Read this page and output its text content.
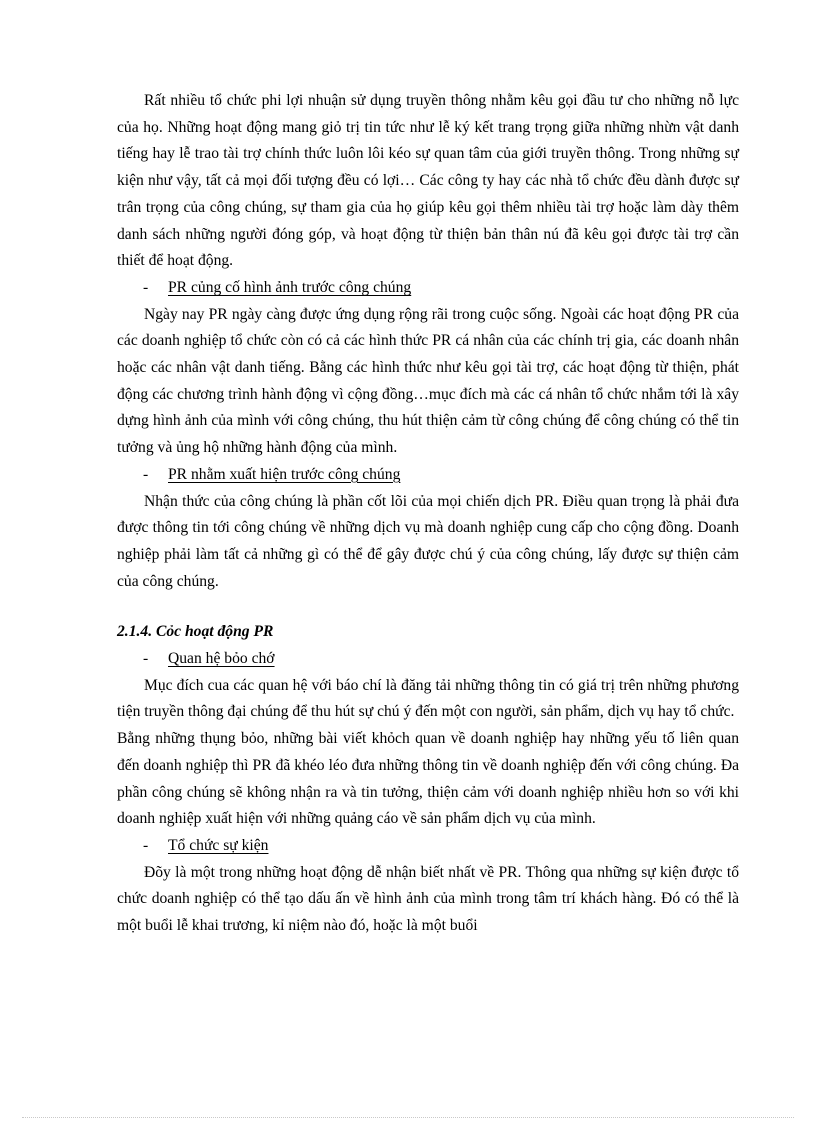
Rất nhiều tổ chức phi lợi nhuận sử dụng truyền thông nhằm kêu gọi đầu tư cho những nỗ lực của họ. Những hoạt động mang giỏ trị tin tức như lễ ký kết trang trọng giữa những nhừn vật danh tiếng hay lễ trao tài trợ chính thức luôn lôi kéo sự quan tâm của giới truyền thông. Trong những sự kiện như vậy, tất cả mọi đối tượng đều có lợi… Các công ty hay các nhà tổ chức đều dành được sự trân trọng của công chúng, sự tham gia của họ giúp kêu gọi thêm nhiều tài trợ hoặc làm dày thêm danh sách những người đóng góp, và hoạt động từ thiện bản thân nú đã kêu gọi được tài trợ cần thiết để hoạt động.

- PR củng cố hình ảnh trước công chúng

Ngày nay PR ngày càng được ứng dụng rộng rãi trong cuộc sống. Ngoài các hoạt động PR của các doanh nghiệp tổ chức còn có cả các hình thức PR cá nhân của các chính trị gia, các doanh nhân hoặc các nhân vật danh tiếng. Bằng các hình thức như kêu gọi tài trợ, các hoạt động từ thiện, phát động các chương trình hành động vì cộng đồng…mục đích mà các cá nhân tổ chức nhắm tới là xây dựng hình ảnh của mình với công chúng, thu hút thiện cảm từ công chúng để công chúng có thể tin tưởng và ủng hộ những hành động của mình.

- PR nhằm xuất hiện trước công chúng

Nhận thức của công chúng là phần cốt lõi của mọi chiến dịch PR. Điều quan trọng là phải đưa được thông tin tới công chúng về những dịch vụ mà doanh nghiệp cung cấp cho cộng đồng. Doanh nghiệp phải làm tất cả những gì có thể để gây được chú ý của công chúng, lấy được sự thiện cảm của công chúng.

2.1.4. Cỏc hoạt động PR

- Quan hệ bỏo chớ

Mục đích cua các quan hệ với báo chí là đăng tải những thông tin có giá trị trên những phương tiện truyền thông đại chúng để thu hút sự chú ý đến một con người, sản phẩm, dịch vụ hay tổ chức.

Bằng những thụng bỏo, những bài viết khỏch quan về doanh nghiệp hay những yếu tố liên quan đến doanh nghiệp thì PR đã khéo léo đưa những thông tin về doanh nghiệp đến với công chúng. Đa phần công chúng sẽ không nhận ra và tin tưởng, thiện cảm với doanh nghiệp nhiều hơn so với khi doanh nghiệp xuất hiện với những quảng cáo về sản phẩm dịch vụ của mình.

- Tổ chức sự kiện

Đõy là một trong những hoạt động dễ nhận biết nhất về PR. Thông qua những sự kiện được tổ chức doanh nghiệp có thể tạo dấu ấn về hình ảnh của mình trong tâm trí khách hàng. Đó có thể là một buổi lễ khai trương, kỉ niệm nào đó, hoặc là một buổi
